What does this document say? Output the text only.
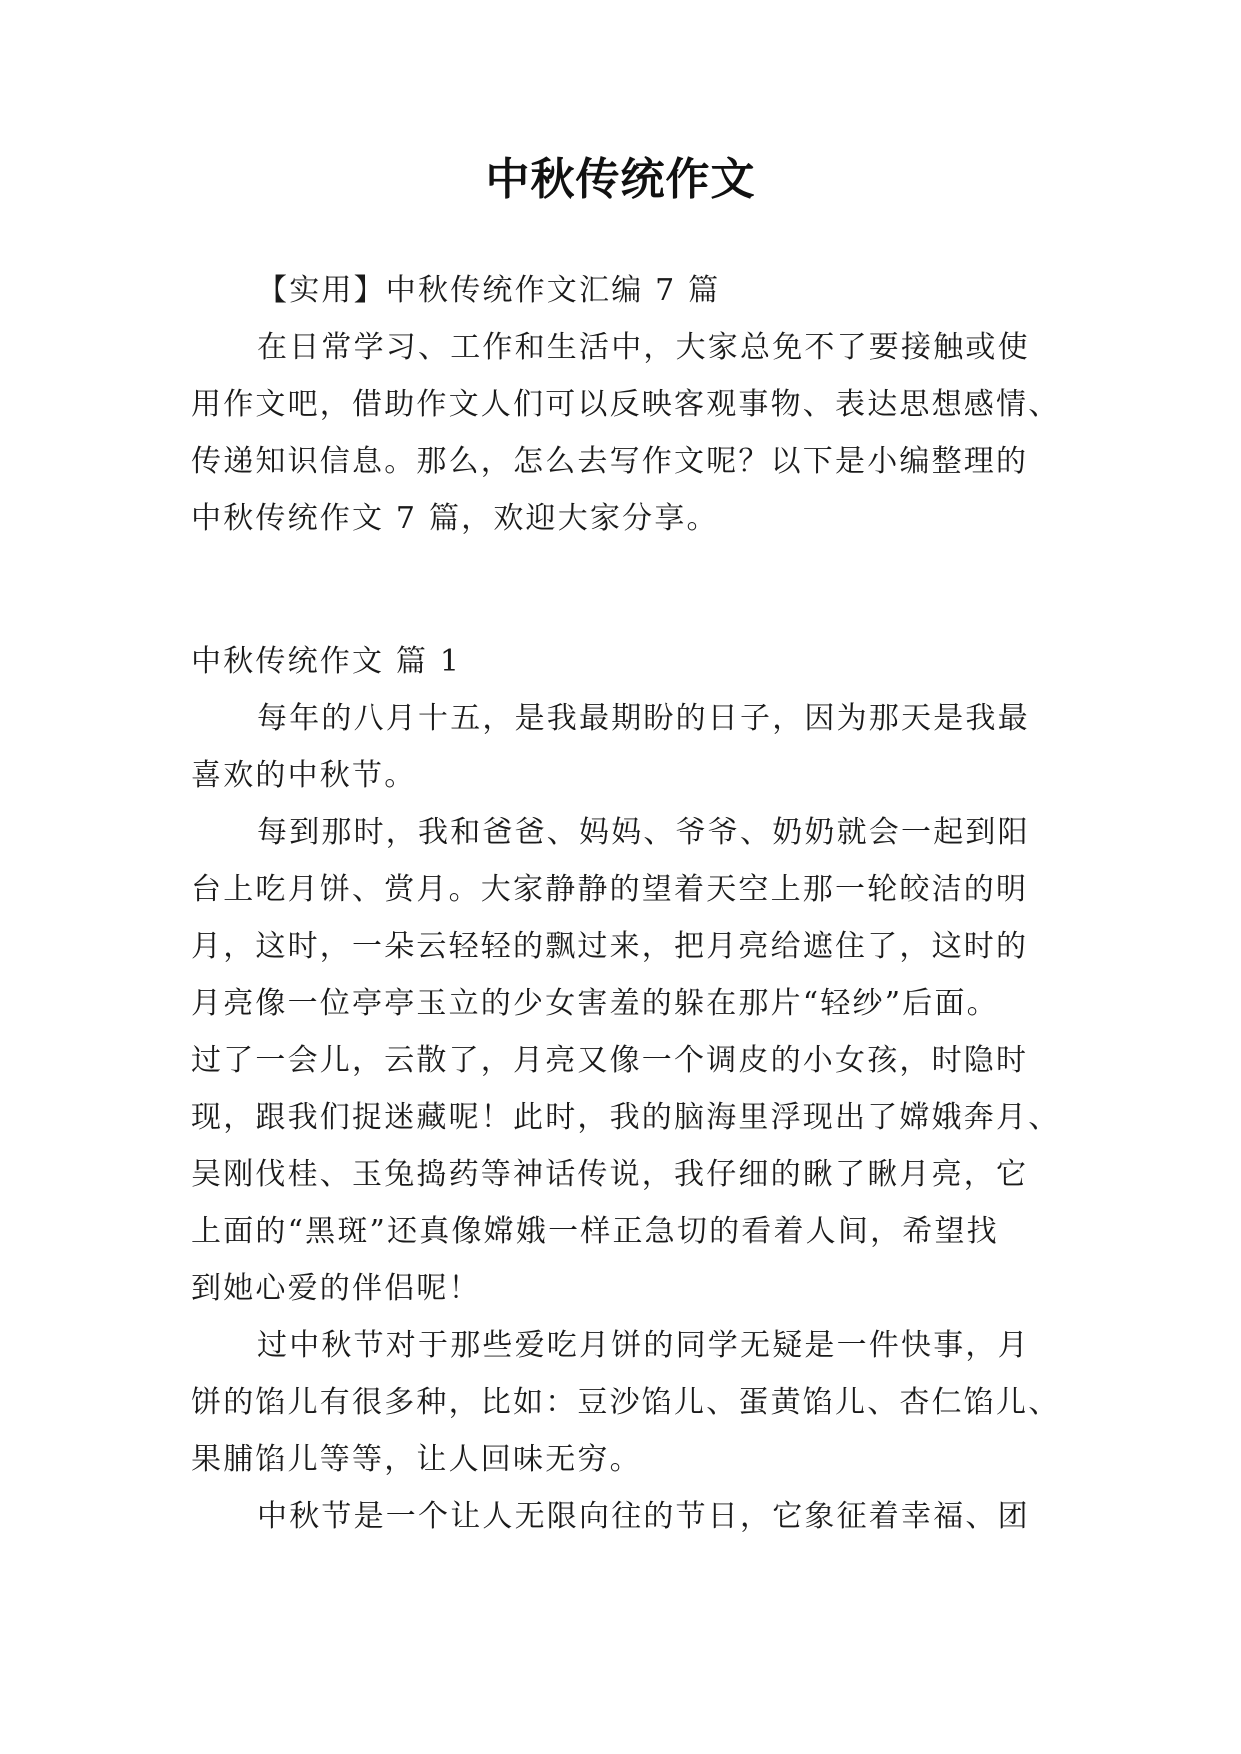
中秋传统作文
【实用】中秋传统作文汇编 7 篇
在日常学习、工作和生活中，大家总免不了要接触或使
用作文吧，借助作文人们可以反映客观事物、表达思想感情、
传递知识信息。那么，怎么去写作文呢？以下是小编整理的
中秋传统作文 7 篇，欢迎大家分享。
中秋传统作文 篇 1
每年的八月十五，是我最期盼的日子，因为那天是我最
喜欢的中秋节。
每到那时，我和爸爸、妈妈、爷爷、奶奶就会一起到阳
台上吃月饼、赏月。大家静静的望着天空上那一轮皎洁的明
月，这时，一朵云轻轻的飘过来，把月亮给遮住了，这时的
月亮像一位亭亭玉立的少女害羞的躲在那片“轻纱”后面。
过了一会儿，云散了，月亮又像一个调皮的小女孩，时隐时
现，跟我们捉迷藏呢！此时，我的脑海里浮现出了嫦娥奔月、
吴刚伐桂、玉兔捣药等神话传说，我仔细的瞅了瞅月亮，它
上面的“黑斑”还真像嫦娥一样正急切的看着人间，希望找
到她心爱的伴侣呢！
过中秋节对于那些爱吃月饼的同学无疑是一件快事，月
饼的馅儿有很多种，比如：豆沙馅儿、蛋黄馅儿、杏仁馅儿、
果脯馅儿等等，让人回味无穷。
中秋节是一个让人无限向往的节日，它象征着幸福、团
